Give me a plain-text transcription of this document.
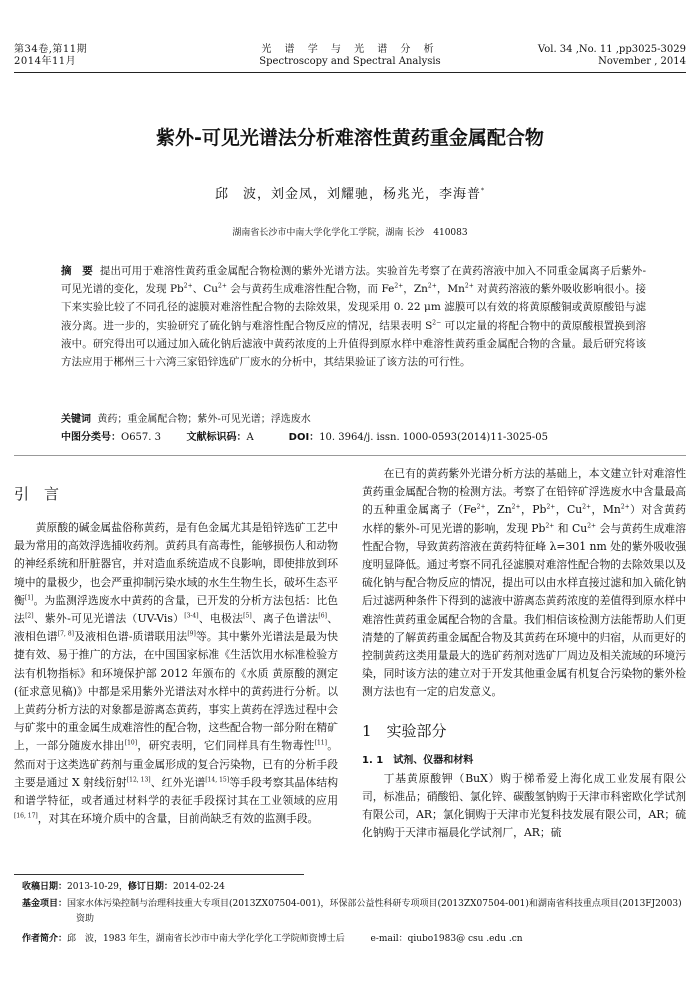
第34卷,第11期
2014年11月
光 谱 学 与 光 谱 分 析
Spectroscopy and Spectral Analysis
Vol. 34 ,No. 11 ,pp3025-3029
November , 2014
紫外-可见光谱法分析难溶性黄药重金属配合物
邱　波，刘金凤，刘耀驰，杨兆光，李海普*
湖南省长沙市中南大学化学化工学院，湖南 长沙　410083
摘　要 提出可用于难溶性黄药重金属配合物检测的紫外光谱方法。实验首先考察了在黄药溶液中加入不同重金属离子后紫外-可见光谱的变化，发现 $Pb^{2+}$、$Cu^{2+}$ 会与黄药生成难溶性配合物，而 $Fe^{2+}$，$Zn^{2+}$，$Mn^{2+}$ 对黄药溶液的紫外吸收影响很小。接下来实验比较了不同孔径的滤膜对难溶性配合物的去除效果，发现采用 0. 22 μm 滤膜可以有效的将黄原酸铜或黄原酸铅与滤液分离。进一步的，实验研究了硫化钠与难溶性配合物反应的情况，结果表明 $S^{2-}$ 可以定量的将配合物中的黄原酸根置换到溶液中。研究得出可以通过加入硫化钠后滤液中黄药浓度的上升值得到原水样中难溶性黄药重金属配合物的含量。最后研究将该方法应用于郴州三十六湾三家铅锌选矿厂废水的分析中，其结果验证了该方法的可行性。
关键词 黄药；重金属配合物；紫外-可见光谱；浮选废水
中图分类号：O657. 3	文献标识码：A	DOI：10. 3964/j. issn. 1000-0593(2014)11-3025-05
引　言

黄原酸的碱金属盐俗称黄药，是有色金属尤其是铅锌选矿工艺中最为常用的高效浮选捕收药剂。黄药具有高毒性，能够损伤人和动物的神经系统和肝脏器官，并对造血系统造成不良影响，即使排放到环境中的量极少，也会严重抑制污染水域的水生生物生长，破坏生态平衡[1]。为监测浮选废水中黄药的含量，已开发的分析方法包括：比色法[2]、紫外-可见光谱法（UV-Vis）[3-4]、电极法[5]、离子色谱法[6]、液相色谱[7, 8]及液相色谱-质谱联用法[9]等。其中紫外光谱法是最为快捷有效、易于推广的方法，在中国国家标准《生活饮用水标准检验方法有机物指标》和环境保护部 2012 年颁布的《水质 黄原酸的测定(征求意见稿)》中都是采用紫外光谱法对水样中的黄药进行分析。以上黄药分析方法的对象都是游离态黄药，事实上黄药在浮选过程中会与矿浆中的重金属生成难溶性的配合物，这些配合物一部分附在精矿上，一部分随废水排出[10]，研究表明，它们同样具有生物毒性[11]。然而对于这类选矿药剂与重金属形成的复合污染物，已有的分析手段主要是通过 X 射线衍射[12, 13]、红外光谱[14, 15]等手段考察其晶体结构和谱学特征，或者通过材料学的表征手段探讨其在工业领域的应用[16, 17]，对其在环境介质中的含量，目前尚缺乏有效的监测手段。

在已有的黄药紫外光谱分析方法的基础上，本文建立针对难溶性黄药重金属配合物的检测方法。考察了在铅锌矿浮选废水中含量最高的五种重金属离子（$Fe^{2+}$，$Zn^{2+}$，$Pb^{2+}$，$Cu^{2+}$，$Mn^{2+}$）对含黄药水样的紫外-可见光谱的影响，发现 $Pb^{2+}$ 和 $Cu^{2+}$ 会与黄药生成难溶性配合物，导致黄药溶液在黄药特征峰 λ=301 nm 处的紫外吸收强度明显降低。通过考察不同孔径滤膜对难溶性配合物的去除效果以及硫化钠与配合物反应的情况，提出可以由水样直接过滤和加入硫化钠后过滤两种条件下得到的滤液中游离态黄药浓度的差值得到原水样中难溶性黄药重金属配合物的含量。我们相信该检测方法能帮助人们更清楚的了解黄药重金属配合物及其黄药在环境中的归宿，从而更好的控制黄药这类用量最大的选矿药剂对选矿厂周边及相关流域的环境污染，同时该方法的建立对于开发其他重金属有机复合污染物的紫外检测方法也有一定的启发意义。

1　实验部分
1. 1　试剂、仪器和材料

丁基黄原酸钾（BuX）购于梯希爱上海化成工业发展有限公司，标准品；硝酸铅、氯化锌、碳酸氢钠购于天津市科密欧化学试剂有限公司，AR；氯化铜购于天津市光复科技发展有限公司，AR；硫化钠购于天津市福晨化学试剂厂，AR；硫

收稿日期：2013-10-29，修订日期：2014-02-24
基金项目：国家水体污染控制与治理科技重大专项目(2013ZX07504-001)，环保部公益性科研专项项目(2013ZX07504-001)和湖南省科技重点项目(2013FJ2003)资助
作者简介：邱　波，1983 年生，湖南省长沙市中南大学化学化工学院师资博士后	e-mail：qiubo1983@ csu .edu .cn
